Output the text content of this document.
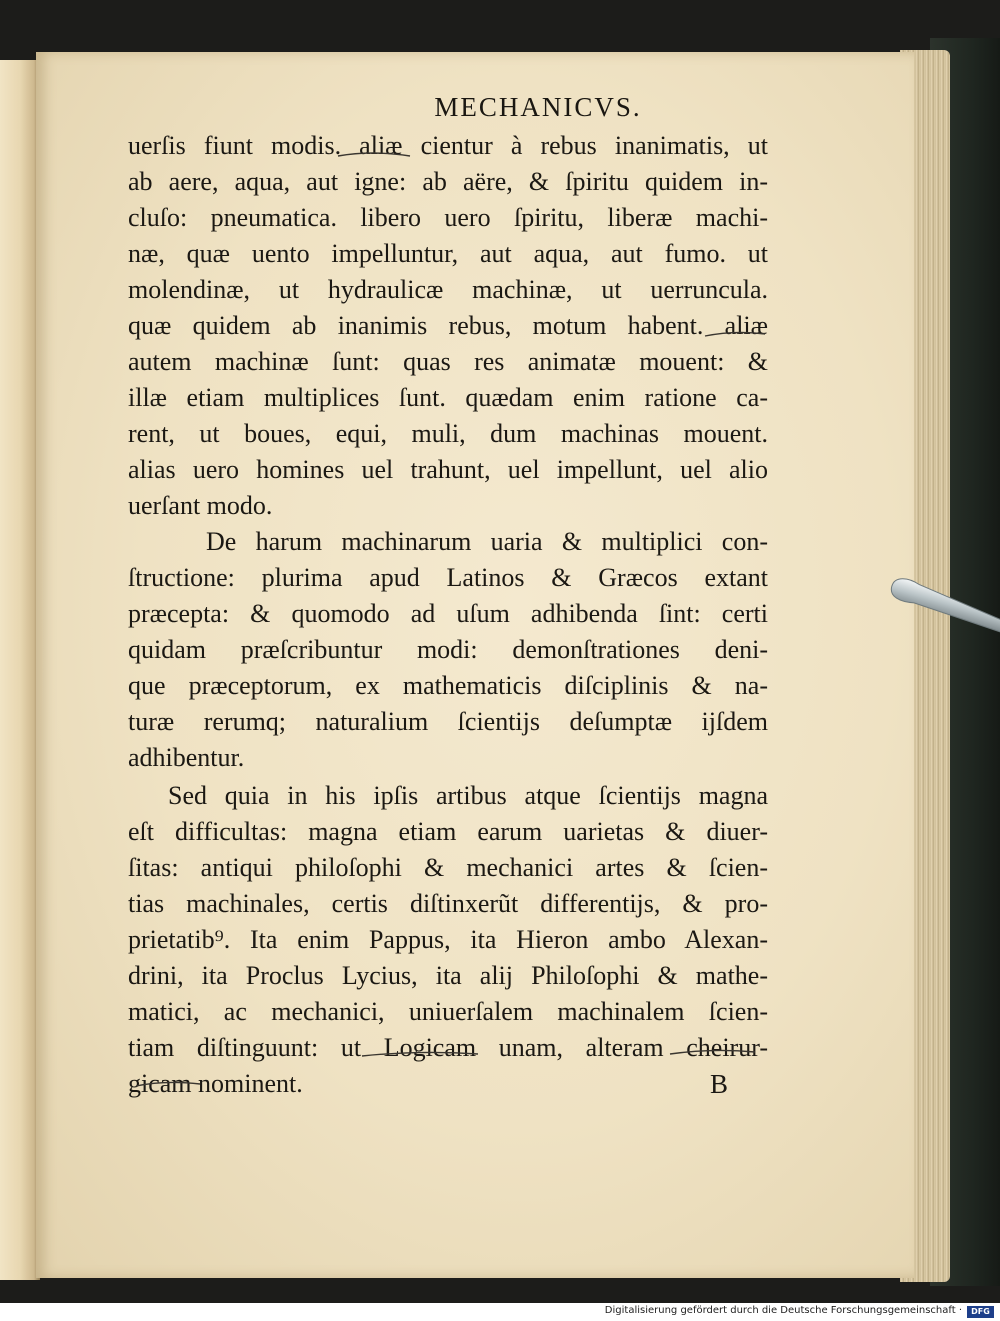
MECHANICVS.
uerſis fiunt modis. aliæ cientur à rebus inanimatis, ut
ab aere, aqua, aut igne: ab aëre, & ſpiritu quidem in-
cluſo: pneumatica. libero uero ſpiritu, liberæ machi-
næ, quæ uento impelluntur, aut aqua, aut fumo. ut
molendinæ, ut hydraulicæ machinæ, ut uerruncula.
quæ quidem ab inanimis rebus, motum habent. aliæ
autem machinæ ſunt: quas res animatæ mouent: &
illæ etiam multiplices ſunt. quædam enim ratione ca-
rent, ut boues, equi, muli, dum machinas mouent.
alias uero homines uel trahunt, uel impellunt, uel alio
uerſant modo.
De harum machinarum uaria & multiplici con-
ſtructione: plurima apud Latinos & Græcos extant
præcepta: & quomodo ad uſum adhibenda ſint: certi
quidam præſcribuntur modi: demonſtrationes deni-
que præceptorum, ex mathematicis diſciplinis & na-
turæ rerumq; naturalium ſcientijs deſumptæ ijſdem
adhibentur.
Sed quia in his ipſis artibus atque ſcientijs magna
eſt difficultas: magna etiam earum uarietas & diuer-
ſitas: antiqui philoſophi & mechanici artes & ſcien-
tias machinales, certis diſtinxerũt differentijs, & pro-
prietatib⁹. Ita enim Pappus, ita Hieron ambo Alexan-
drini, ita Proclus Lycius, ita alij Philoſophi & mathe-
matici, ac mechanici, uniuerſalem machinalem ſcien-
tiam diſtinguunt: ut Logicam unam, alteram cheirur-
gicam nominent.	B
Digitalisierung gefördert durch die Deutsche Forschungsgemeinschaft ·	DFG
